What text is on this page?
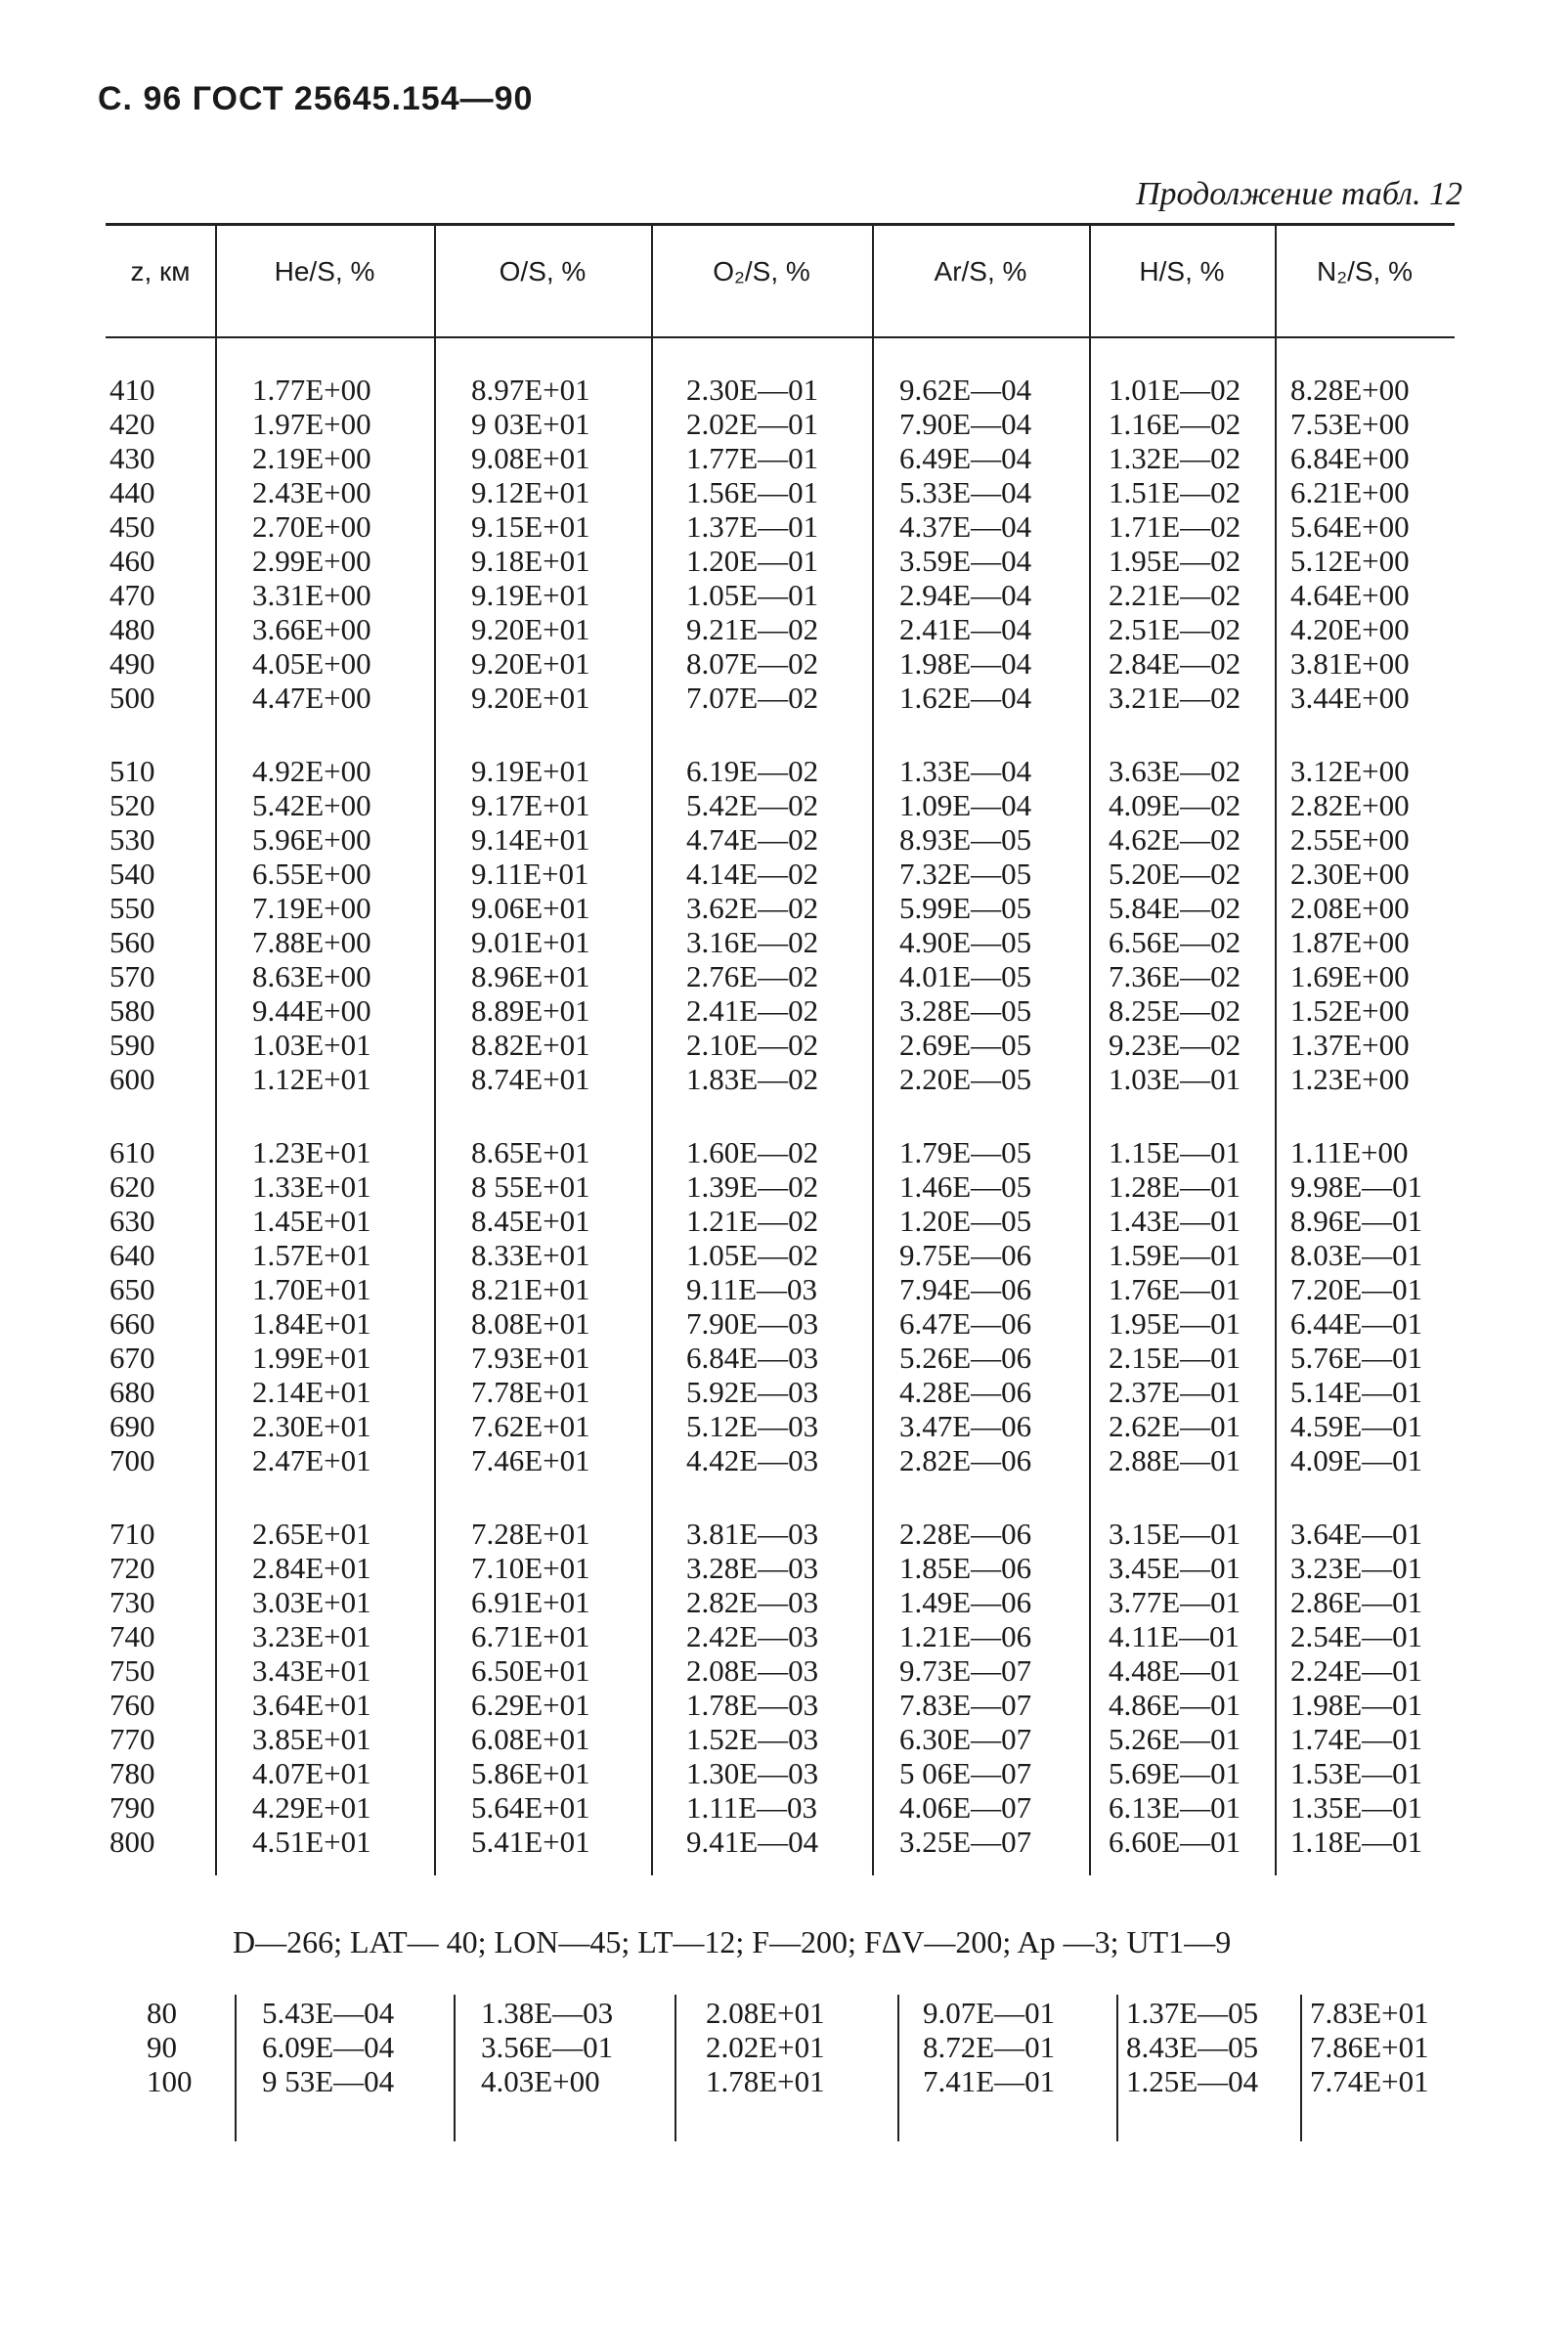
С. 96 ГОСТ 25645.154—90
Продолжение табл. 12
z, км	He/S, %	O/S, %	O₂/S, %	Ar/S, %	H/S, %	N₂/S, %
410	1.77E+00	8.97E+01	2.30E—01	9.62E—04	1.01E—02 8.28E+00
420	1.97E+00	9 03E+01	2.02E—01	7.90E—04	1.16E—02 7.53E+00
430	2.19E+00	9.08E+01	1.77E—01	6.49E—04	1.32E—02 6.84E+00
440	2.43E+00	9.12E+01	1.56E—01	5.33E—04	1.51E—02 6.21E+00
450	2.70E+00	9.15E+01	1.37E—01	4.37E—04	1.71E—02 5.64E+00
460	2.99E+00	9.18E+01	1.20E—01	3.59E—04	1.95E—02 5.12E+00
470	3.31E+00	9.19E+01	1.05E—01	2.94E—04	2.21E—02 4.64E+00
480	3.66E+00	9.20E+01	9.21E—02	2.41E—04	2.51E—02 4.20E+00
490	4.05E+00	9.20E+01	8.07E—02	1.98E—04	2.84E—02 3.81E+00
500	4.47E+00	9.20E+01	7.07E—02	1.62E—04	3.21E—02 3.44E+00
510	4.92E+00	9.19E+01	6.19E—02	1.33E—04	3.63E—02 3.12E+00
520	5.42E+00	9.17E+01	5.42E—02	1.09E—04	4.09E—02 2.82E+00
530	5.96E+00	9.14E+01	4.74E—02	8.93E—05	4.62E—02 2.55E+00
540	6.55E+00	9.11E+01	4.14E—02	7.32E—05	5.20E—02 2.30E+00
550	7.19E+00	9.06E+01	3.62E—02	5.99E—05	5.84E—02 2.08E+00
560	7.88E+00	9.01E+01	3.16E—02	4.90E—05	6.56E—02 1.87E+00
570	8.63E+00	8.96E+01	2.76E—02	4.01E—05	7.36E—02 1.69E+00
580	9.44E+00	8.89E+01	2.41E—02	3.28E—05	8.25E—02 1.52E+00
590	1.03E+01	8.82E+01	2.10E—02	2.69E—05	9.23E—02 1.37E+00
600	1.12E+01	8.74E+01	1.83E—02	2.20E—05	1.03E—01 1.23E+00
610	1.23E+01	8.65E+01	1.60E—02	1.79E—05	1.15E—01 1.11E+00
620	1.33E+01	8 55E+01	1.39E—02	1.46E—05	1.28E—01 9.98E—01
630	1.45E+01	8.45E+01	1.21E—02	1.20E—05	1.43E—01 8.96E—01
640	1.57E+01	8.33E+01	1.05E—02	9.75E—06	1.59E—01 8.03E—01
650	1.70E+01	8.21E+01	9.11E—03	7.94E—06	1.76E—01 7.20E—01
660	1.84E+01	8.08E+01	7.90E—03	6.47E—06	1.95E—01 6.44E—01
670	1.99E+01	7.93E+01	6.84E—03	5.26E—06	2.15E—01 5.76E—01
680	2.14E+01	7.78E+01	5.92E—03	4.28E—06	2.37E—01 5.14E—01
690	2.30E+01	7.62E+01	5.12E—03	3.47E—06	2.62E—01 4.59E—01
700	2.47E+01	7.46E+01	4.42E—03	2.82E—06	2.88E—01 4.09E—01
710	2.65E+01	7.28E+01	3.81E—03	2.28E—06	3.15E—01 3.64E—01
720	2.84E+01	7.10E+01	3.28E—03	1.85E—06	3.45E—01 3.23E—01
730	3.03E+01	6.91E+01	2.82E—03	1.49E—06	3.77E—01 2.86E—01
740	3.23E+01	6.71E+01	2.42E—03	1.21E—06	4.11E—01 2.54E—01
750	3.43E+01	6.50E+01	2.08E—03	9.73E—07	4.48E—01 2.24E—01
760	3.64E+01	6.29E+01	1.78E—03	7.83E—07	4.86E—01 1.98E—01
770	3.85E+01	6.08E+01	1.52E—03	6.30E—07	5.26E—01 1.74E—01
780	4.07E+01	5.86E+01	1.30E—03	5 06E—07	5.69E—01 1.53E—01
790	4.29E+01	5.64E+01	1.11E—03	4.06E—07	6.13E—01 1.35E—01
800	4.51E+01	5.41E+01	9.41E—04	3.25E—07	6.60E—01 1.18E—01
D—266; LAT— 40; LON—45; LT—12; F—200; FΔV—200; Ap —3; UT1—9
80	5.43E—04	1.38E—03	2.08E+01	9.07E—01 1.37E—05 7.83E+01
90	6.09E—04	3.56E—01	2.02E+01	8.72E—01 8.43E—05 7.86E+01
100 9 53E—04	4.03E+00	1.78E+01	7.41E—01 1.25E—04 7.74E+01
